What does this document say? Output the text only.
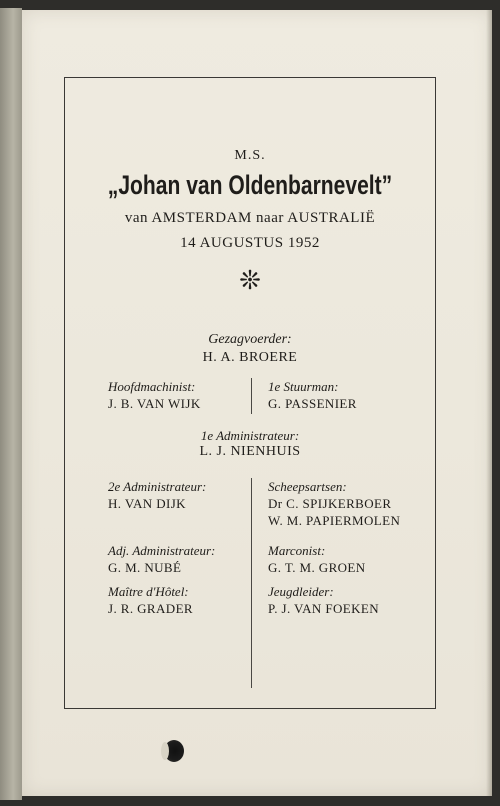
M.S.
„Johan van Oldenbarnevelt”
van AMSTERDAM naar AUSTRALIË
14 AUGUSTUS 1952
❊
Gezagvoerder:
H. A. BROERE
Hoofdmachinist:
J. B. VAN WIJK
1e Stuurman:
G. PASSENIER
1e Administrateur:
L. J. NIENHUIS
2e Administrateur:
H. VAN DIJK
Scheepsartsen:
Dr C. SPIJKERBOER
W. M. PAPIERMOLEN
Adj. Administrateur:
G. M. NUBÉ
Marconist:
G. T. M. GROEN
Maître d'Hôtel:
J. R. GRADER
Jeugdleider:
P. J. VAN FOEKEN
